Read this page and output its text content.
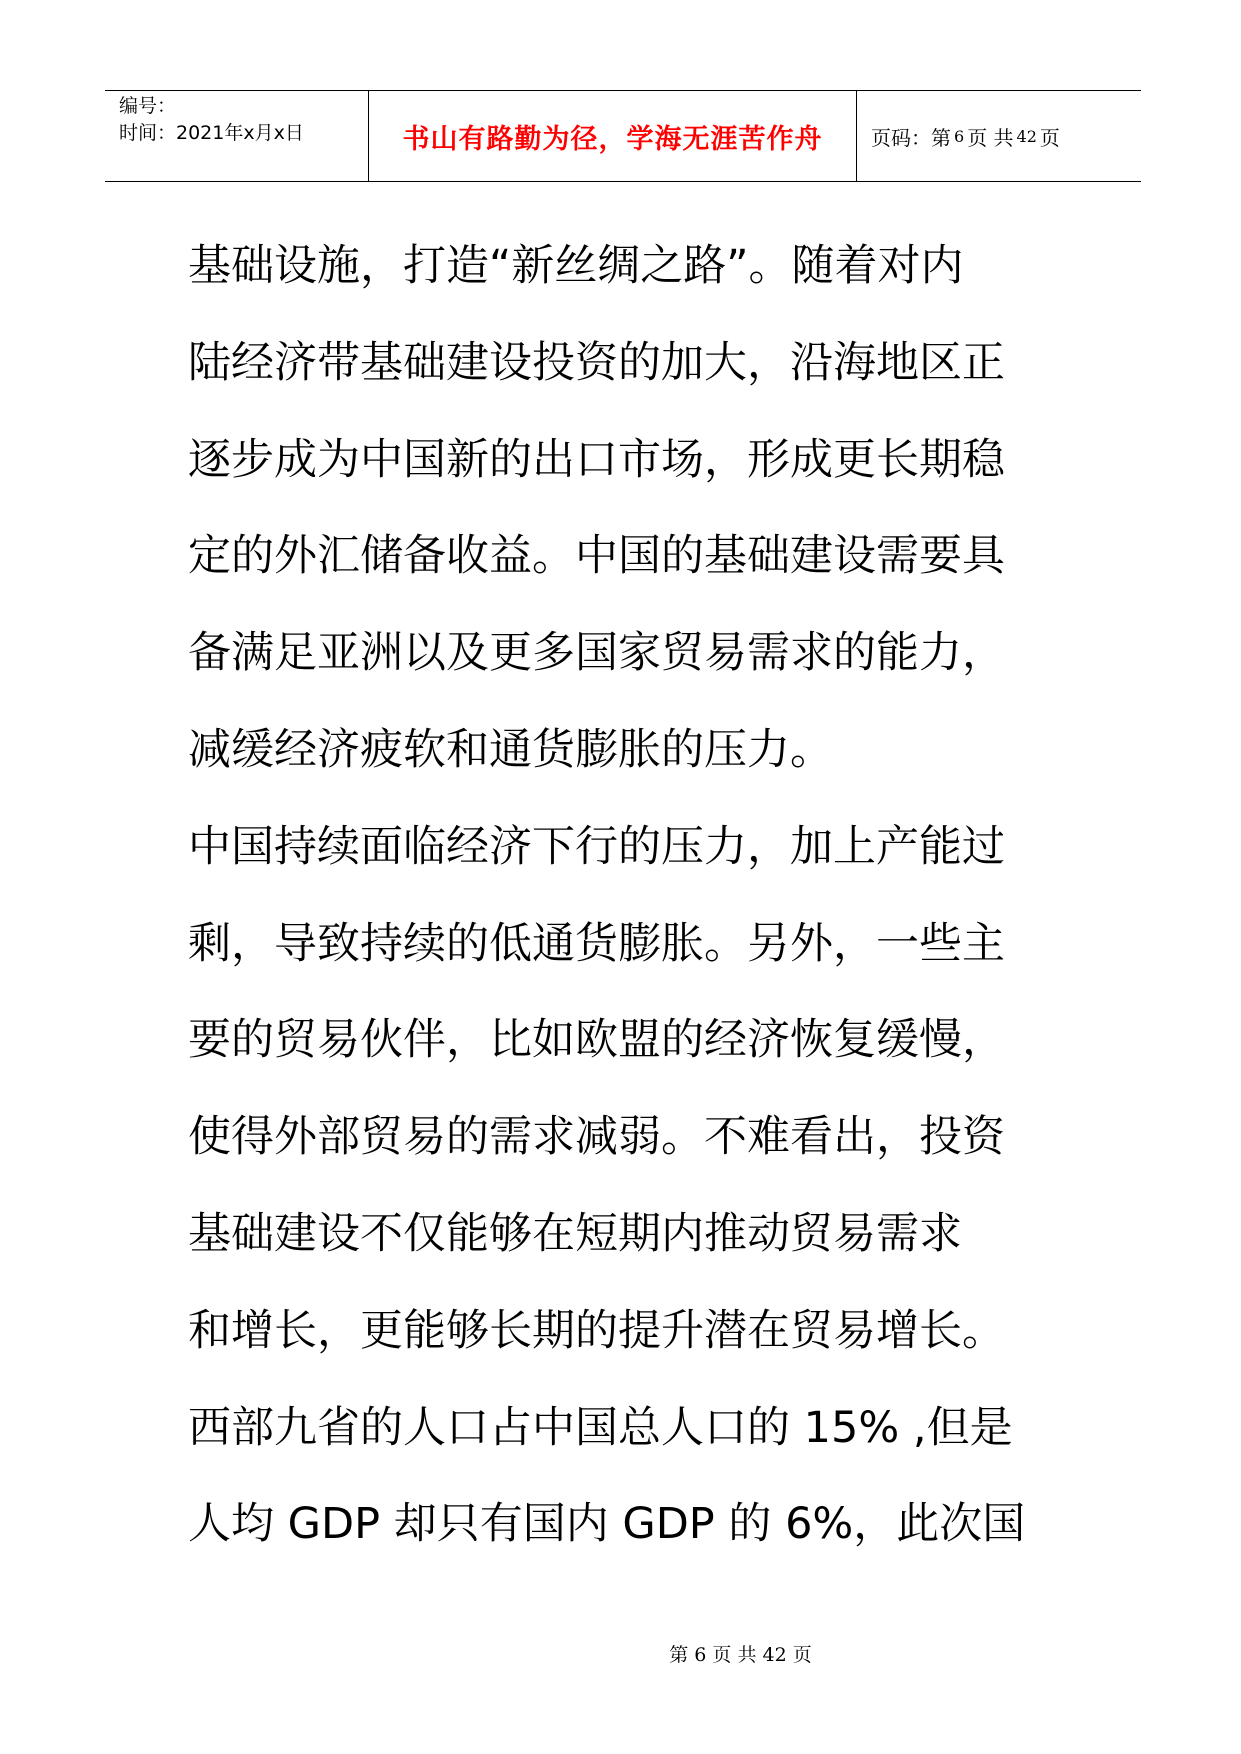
编号：
时间：2021年x月x日	书山有路勤为径，学海无涯苦作舟 页码：第 6 页 共 42 页
基础设施，打造“新丝绸之路”。随着对内
陆经济带基础建设投资的加大，沿海地区正
逐步成为中国新的出口市场，形成更长期稳
定的外汇储备收益。中国的基础建设需要具
备满足亚洲以及更多国家贸易需求的能力，
减缓经济疲软和通货膨胀的压力。
中国持续面临经济下行的压力，加上产能过
剩，导致持续的低通货膨胀。另外，一些主
要的贸易伙伴，比如欧盟的经济恢复缓慢，
使得外部贸易的需求减弱。不难看出，投资
基础建设不仅能够在短期内推动贸易需求
和增长，更能够长期的提升潜在贸易增长。
西部九省的人口占中国总人口的 15% ,但是
人均 GDP 却只有国内 GDP 的 6%，此次国
第 6 页 共 42 页
